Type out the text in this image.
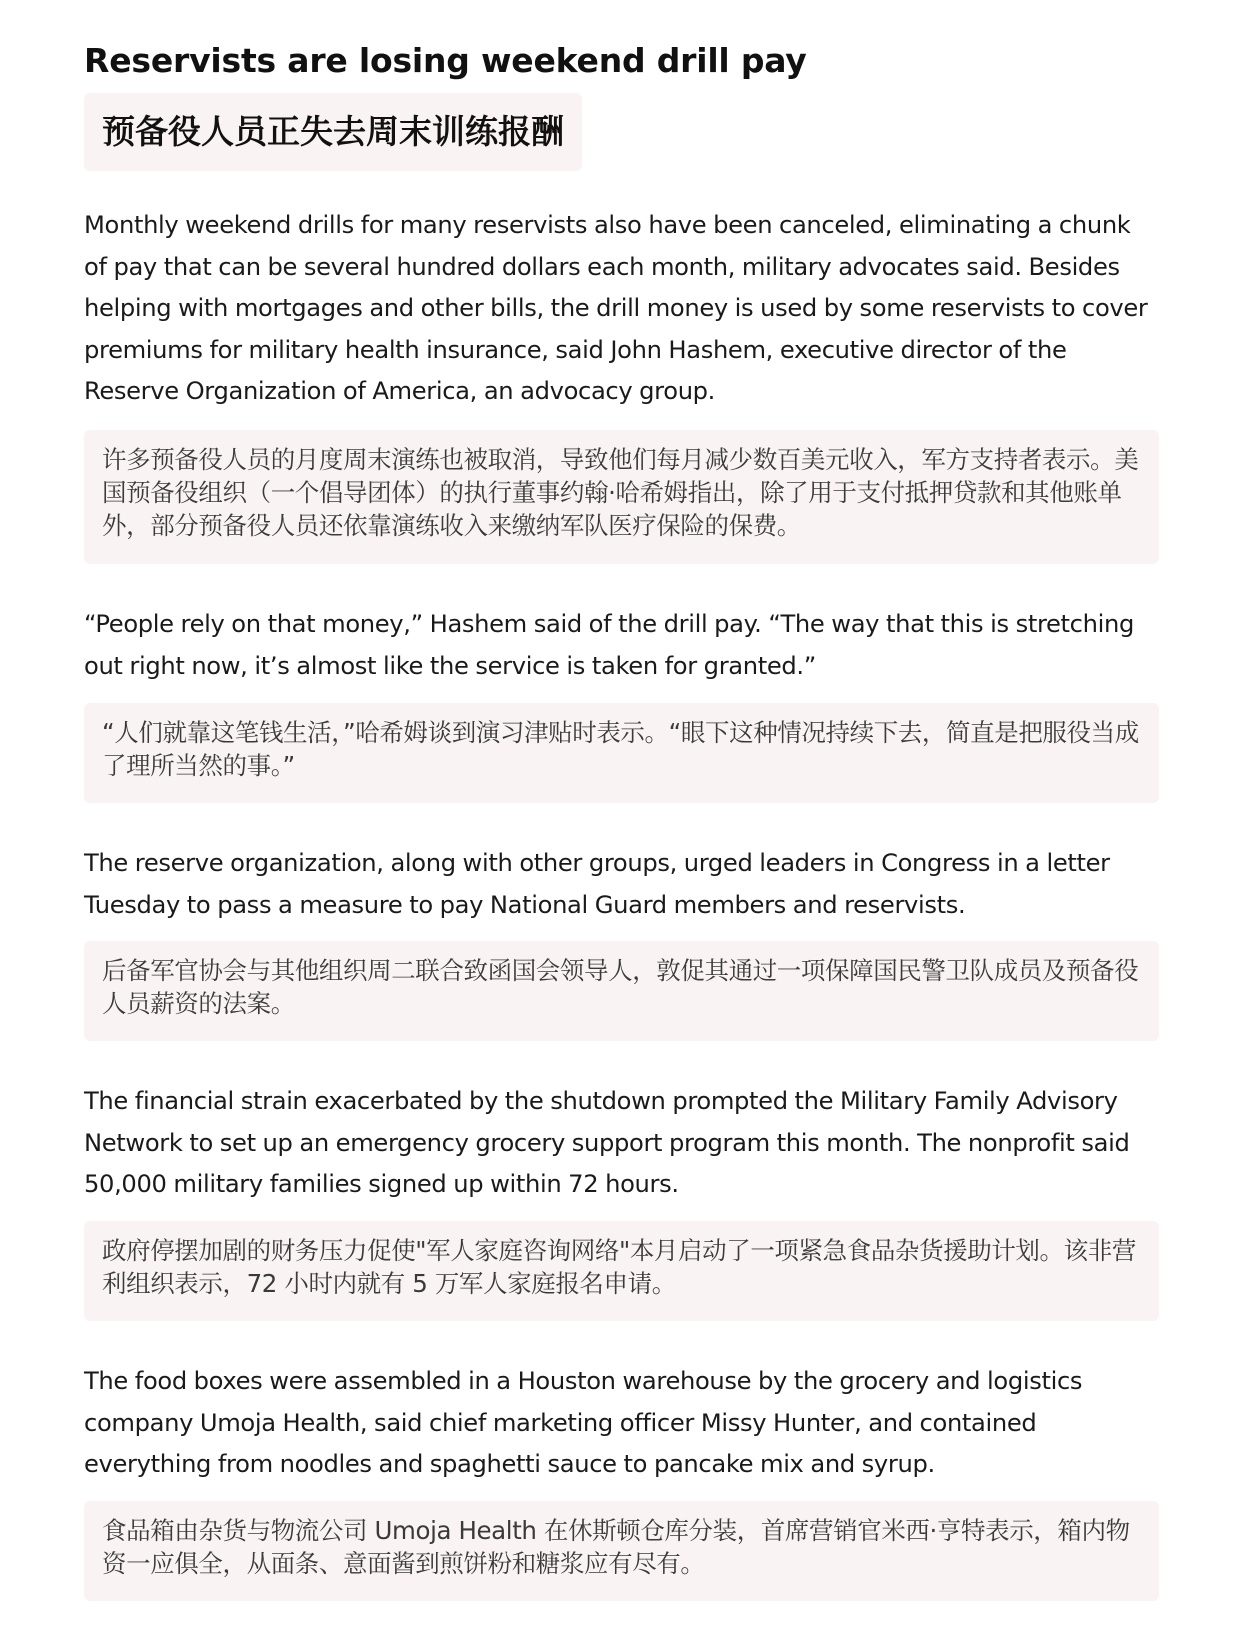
Reservists are losing weekend drill pay
预备役人员正失去周末训练报酬

Monthly weekend drills for many reservists also have been canceled, eliminating a chunk of pay that can be several hundred dollars each month, military advocates said. Besides helping with mortgages and other bills, the drill money is used by some reservists to cover premiums for military health insurance, said John Hashem, executive director of the Reserve Organization of America, an advocacy group.

许多预备役人员的月度周末演练也被取消，导致他们每月减少数百美元收入，军方支持者表示。美国预备役组织（一个倡导团体）的执行董事约翰·哈希姆指出，除了用于支付抵押贷款和其他账单外，部分预备役人员还依靠演练收入来缴纳军队医疗保险的保费。

“People rely on that money,” Hashem said of the drill pay. “The way that this is stretching out right now, it’s almost like the service is taken for granted.”

“人们就靠这笔钱生活，”哈希姆谈到演习津贴时表示。“眼下这种情况持续下去，简直是把服役当成了理所当然的事。”

The reserve organization, along with other groups, urged leaders in Congress in a letter Tuesday to pass a measure to pay National Guard members and reservists.

后备军官协会与其他组织周二联合致函国会领导人，敦促其通过一项保障国民警卫队成员及预备役人员薪资的法案。

The financial strain exacerbated by the shutdown prompted the Military Family Advisory Network to set up an emergency grocery support program this month. The nonprofit said 50,000 military families signed up within 72 hours.

政府停摆加剧的财务压力促使"军人家庭咨询网络"本月启动了一项紧急食品杂货援助计划。该非营利组织表示，72 小时内就有 5 万军人家庭报名申请。

The food boxes were assembled in a Houston warehouse by the grocery and logistics company Umoja Health, said chief marketing officer Missy Hunter, and contained everything from noodles and spaghetti sauce to pancake mix and syrup.

食品箱由杂货与物流公司 Umoja Health 在休斯顿仓库分装，首席营销官米西·亨特表示，箱内物资一应俱全，从面条、意面酱到煎饼粉和糖浆应有尽有。
